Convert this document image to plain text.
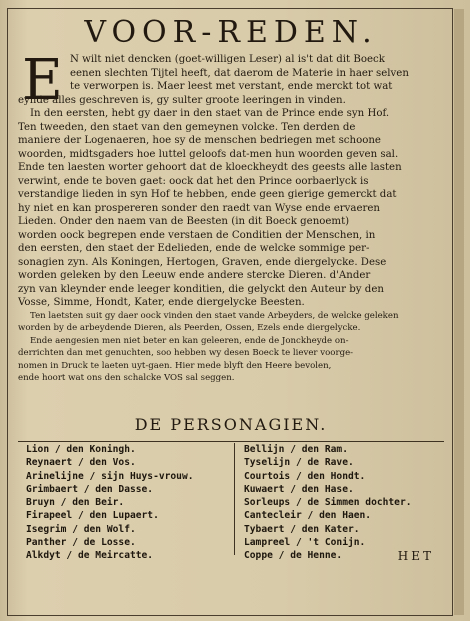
VOOR-REDEN.
E N wilt niet dencken (goet-willigen Leser) al is't dat dit Boeck
eenen slechten Tijtel heeft, dat daerom de Materie in haer selven
te verworpen is. Maer leest met verstant, ende merckt tot wat
eynde alles geschreven is, gy sulter groote leeringen in vinden.
In den eersten, hebt gy daer in den staet van de Prince ende syn Hof.
Ten tweeden, den staet van den gemeynen volcke. Ten derden de
maniere der Logenaeren, hoe sy de menschen bedriegen met schoone
woorden, midtsgaders hoe luttel geloofs dat-men hun woorden geven sal.
Ende ten laesten worter gehoort dat de kloeckheydt des geests alle lasten
verwint, ende te boven gaet: oock dat het den Prince oorbaerlyck is
verstandige lieden in syn Hof te hebben, ende geen gierige gemerckt dat
hy niet en kan prospereren sonder den raedt van Wyse ende ervaeren
Lieden. Onder den naem van de Beesten (in dit Boeck genoemt)
worden oock begrepen ende verstaen de Conditien der Menschen, in
den eersten, den staet der Edelieden, ende de welcke sommige per-
sonagien zyn. Als Koningen, Hertogen, Graven, ende diergelycke. Dese
worden geleken by den Leeuw ende andere stercke Dieren. d'Ander
zyn van kleynder ende leeger konditien, die gelyckt den Auteur by den
Vosse, Simme, Hondt, Kater, ende diergelycke Beesten.
Ten laetsten suit gy daer oock vinden den staet vande Arbeyders, de welcke geleken
worden by de arbeydende Dieren, als Peerden, Ossen, Ezels ende diergelycke.
Ende aengesien men niet beter en kan geleeren, ende de Jonckheyde on-
derrichten dan met genuchten, soo hebben wy desen Boeck te liever voorge-
nomen in Druck te laeten uyt-gaen. Hier mede blyft den Heere bevolen,
ende hoort wat ons den schalcke VOS sal seggen.
DE PERSONAGIEN.
Lion / den Koningh.
Reynaert / den Vos.
Arinelijne / sijn Huys-vrouw.
Grimbaert / den Dasse.
Bruyn / den Beir.
Firapeel / den Lupaert.
Isegrim / den Wolf.
Panther / de Losse.
Alkdyt / de Meircatte.
Bellijn / den Ram.
Tyselijn / de Rave.
Courtois / den Hondt.
Kuwaert / den Hase.
Sorleups / de Simmen dochter.
Cantecleir / den Haen.
Tybaert / den Kater.
Lampreel / 't Conijn.
Coppe / de Henne.	HET
